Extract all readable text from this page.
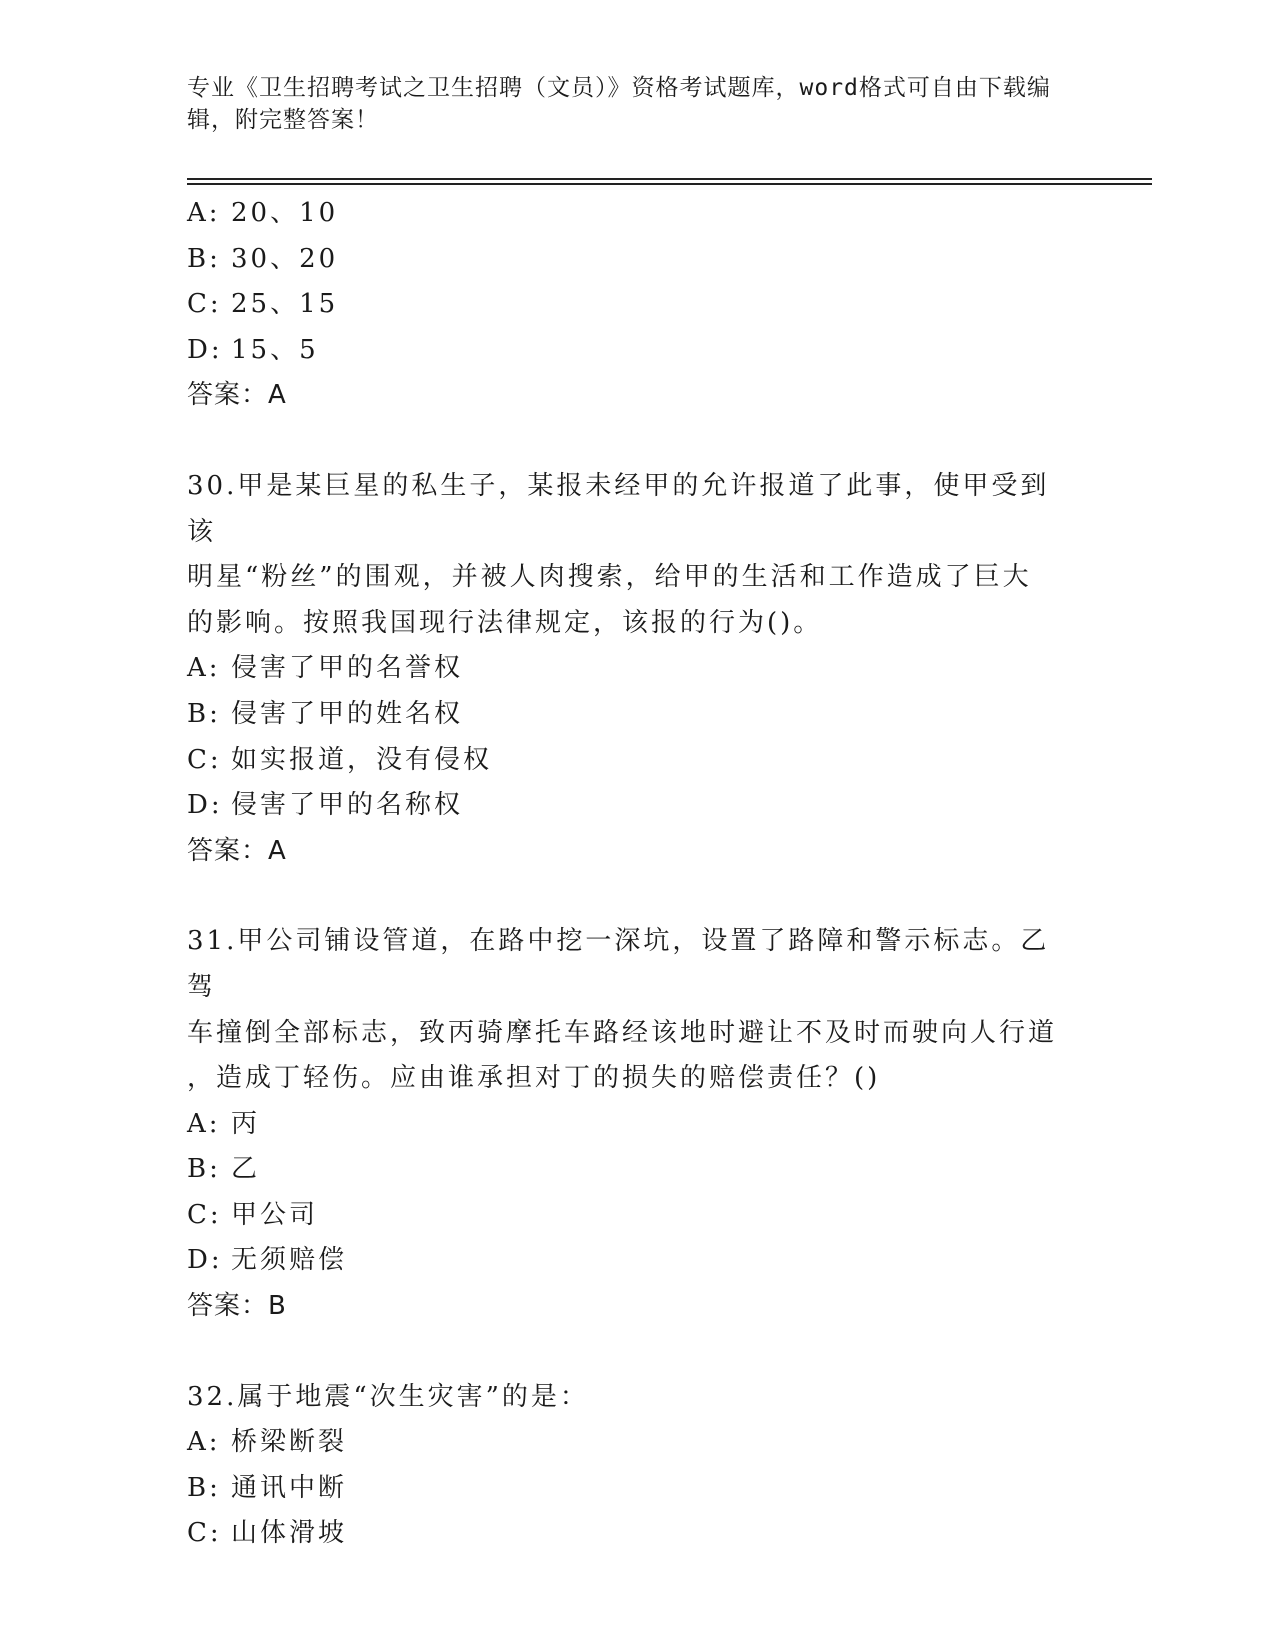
专业《卫生招聘考试之卫生招聘（文员）》资格考试题库，word格式可自由下载编辑，附完整答案！
A: 20、10
B: 30、20
C: 25、15
D: 15、5
答案：A
30.甲是某巨星的私生子，某报未经甲的允许报道了此事，使甲受到该
明星“粉丝”的围观，并被人肉搜索，给甲的生活和工作造成了巨大
的影响。按照我国现行法律规定，该报的行为()。
A: 侵害了甲的名誉权
B: 侵害了甲的姓名权
C: 如实报道，没有侵权
D: 侵害了甲的名称权
答案：A
31.甲公司铺设管道，在路中挖一深坑，设置了路障和警示标志。乙驾
车撞倒全部标志，致丙骑摩托车路经该地时避让不及时而驶向人行道
，造成丁轻伤。应由谁承担对丁的损失的赔偿责任？()
A: 丙
B: 乙
C: 甲公司
D: 无须赔偿
答案：B
32.属于地震“次生灾害”的是：
A: 桥梁断裂
B: 通讯中断
C: 山体滑坡
